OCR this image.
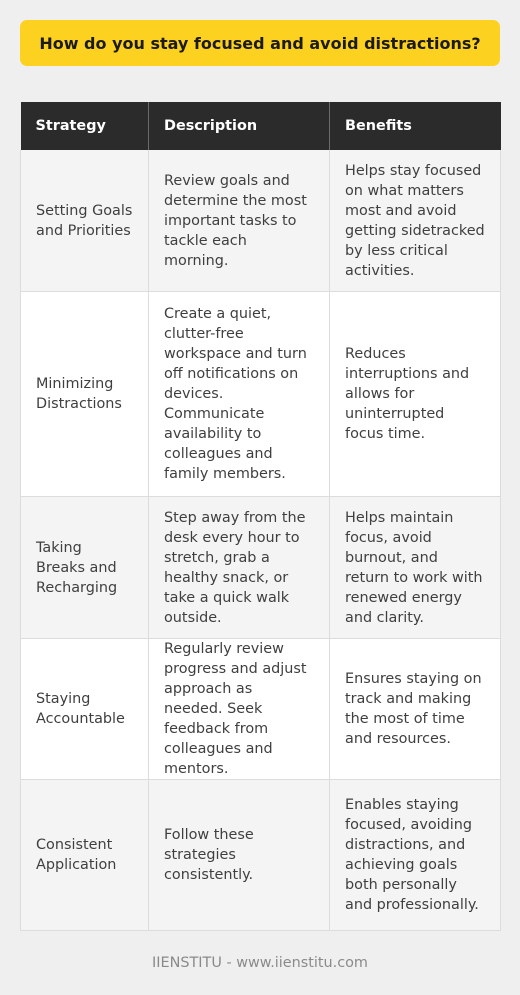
How do you stay focused and avoid distractions?
Strategy	Description	Benefits
Setting Goals and Priorities	Review goals and determine the most important tasks to tackle each morning.	Helps stay focused on what matters most and avoid getting sidetracked by less critical activities.
Minimizing Distractions	Create a quiet, clutter-free workspace and turn off notifications on devices. Communicate availability to colleagues and family members.	Reduces interruptions and allows for uninterrupted focus time.
Taking Breaks and Recharging	Step away from the desk every hour to stretch, grab a healthy snack, or take a quick walk outside.	Helps maintain focus, avoid burnout, and return to work with renewed energy and clarity.
Staying Accountable	Regularly review progress and adjust approach as needed. Seek feedback from colleagues and mentors.	Ensures staying on track and making the most of time and resources.
Consistent Application	Follow these strategies consistently.	Enables staying focused, avoiding distractions, and achieving goals both personally and professionally.
IIENSTITU - www.iienstitu.com
